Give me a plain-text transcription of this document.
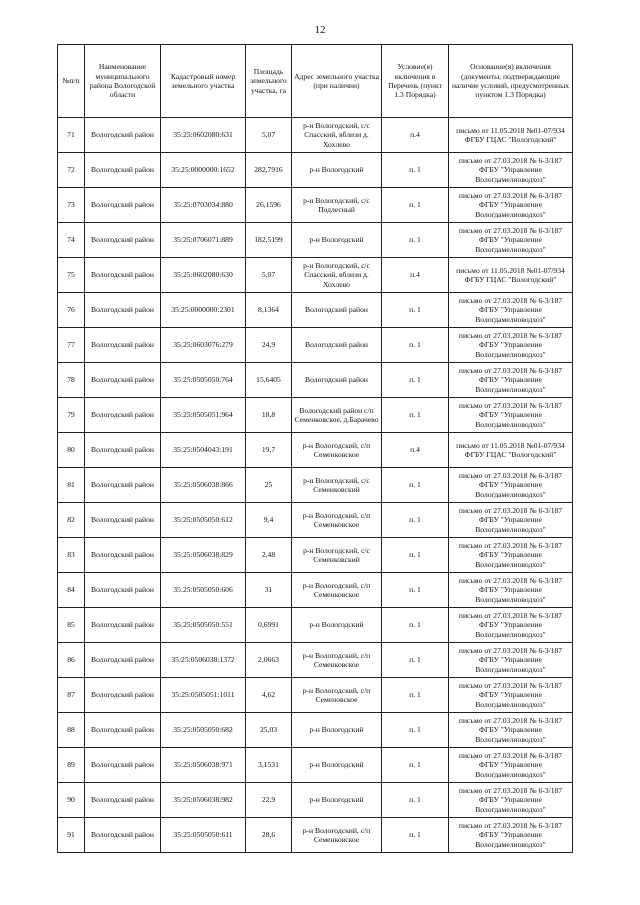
12
№п/п	Наименование муниципального района Вологодской области	Кадастровый номер земельного участка	Площадь земельного участка, га	Адрес земельного участка (при наличии)	Условие(я) включения в Перечень (пункт 1.3 Порядка)	Основание(я) включения (документы, подтверждающие наличие условий, предусмотренных пунктом 1.3 Порядка)
71	Вологодский район	35:25:0602080:631	5,07	р-н Вологодский, с/с Спасский, вблизи д. Хохлево	п.4	письмо от 11.05.2018 №01-07/934 ФГБУ ГЦАС "Вологодский"
72	Вологодский район	35:25:0000000:1652	282,7916	р-н Вологодский	п. 1	письмо от 27.03.2018 № 6-3/187 ФГБУ "Управление Вологдамелиоводхоз"
73	Вологодский район	35:25:0703034:880	26,1596	р-н Вологодский, с/с Подлесный	п. 1	письмо от 27.03.2018 № 6-3/187 ФГБУ "Управление Вологдамелиоводхоз"
74	Вологодский район	35:25:0706071:889	182,5199	р-н Вологодский	п. 1	письмо от 27.03.2018 № 6-3/187 ФГБУ "Управление Вологдамелиоводхоз"
75	Вологодский район	35:25:0602080:630	5,07	р-н Вологодский, с/с Спасский, вблизи д. Хохлево	п.4	письмо от 11.05.2018 №01-07/934 ФГБУ ГЦАС "Вологодский"
76	Вологодский район	35:25:0000000:2301	8,1364	Вологодский район	п. 1	письмо от 27.03.2018 № 6-3/187 ФГБУ "Управление Вологдамелиоводхоз"
77	Вологодский район	35:25:0603076:279	24,9	Вологодский район	п. 1	письмо от 27.03.2018 № 6-3/187 ФГБУ "Управление Вологдамелиоводхоз"
78	Вологодский район	35:25:0505050:764	15,6405	Вологодский район	п. 1	письмо от 27.03.2018 № 6-3/187 ФГБУ "Управление Вологдамелиоводхоз"
79	Вологодский район	35:25:0505051:964	18,8	Вологодский район с/п Семенковское, д.Барачево	п. 1	письмо от 27.03.2018 № 6-3/187 ФГБУ "Управление Вологдамелиоводхоз"
80	Вологодский район	35:25:0504043:191	19,7	р-н Вологодский, с/п Семенковское	п.4	письмо от 11.05.2018 №01-07/934 ФГБУ ГЦАС "Вологодский"
81	Вологодский район	35:25:0506038:866	25	р-н Вологодский, с/с Семенковский	п. 1	письмо от 27.03.2018 № 6-3/187 ФГБУ "Управление Вологдамелиоводхоз"
82	Вологодский район	35:25:0505050:612	9,4	р-н Вологодский, с/п Семенковское	п. 1	письмо от 27.03.2018 № 6-3/187 ФГБУ "Управление Вологдамелиоводхоз"
83	Вологодский район	35:25:0506038:829	2,48	р-н Вологодский, с/с Семенковский	п. 1	письмо от 27.03.2018 № 6-3/187 ФГБУ "Управление Вологдамелиоводхоз"
84	Вологодский район	35:25:0505050:606	31	р-н Вологодский, с/п Семенковское	п. 1	письмо от 27.03.2018 № 6-3/187 ФГБУ "Управление Вологдамелиоводхоз"
85	Вологодский район	35:25:0505050:551	0,6991	р-н Вологодский	п. 1	письмо от 27.03.2018 № 6-3/187 ФГБУ "Управление Вологдамелиоводхоз"
86	Вологодский район	35:25:0506038:1372	2,0663	р-н Вологодский, с/п Семенковское	п. 1	письмо от 27.03.2018 № 6-3/187 ФГБУ "Управление Вологдамелиоводхоз"
87	Вологодский район	35:25:0505051:1011	4,62	р-н Вологодский, с/п Семеновское	п. 1	письмо от 27.03.2018 № 6-3/187 ФГБУ "Управление Вологдамелиоводхоз"
88	Вологодский район	35:25:0505050:682	25,03	р-н Вологодский	п. 1	письмо от 27.03.2018 № 6-3/187 ФГБУ "Управление Вологдамелиоводхоз"
89	Вологодский район	35:25:0506038:971	3,1531	р-н Вологодский	п. 1	письмо от 27.03.2018 № 6-3/187 ФГБУ "Управление Вологдамелиоводхоз"
90	Вологодский район	35:25:0506038:982	22,9	р-н Вологодский	п. 1	письмо от 27.03.2018 № 6-3/187 ФГБУ "Управление Вологдамелиоводхоз"
91	Вологодский район	35:25:0505050:611	28,6	р-н Вологодский, с/п Семенковское	п. 1	письмо от 27.03.2018 № 6-3/187 ФГБУ "Управление Вологдамелиоводхоз"
